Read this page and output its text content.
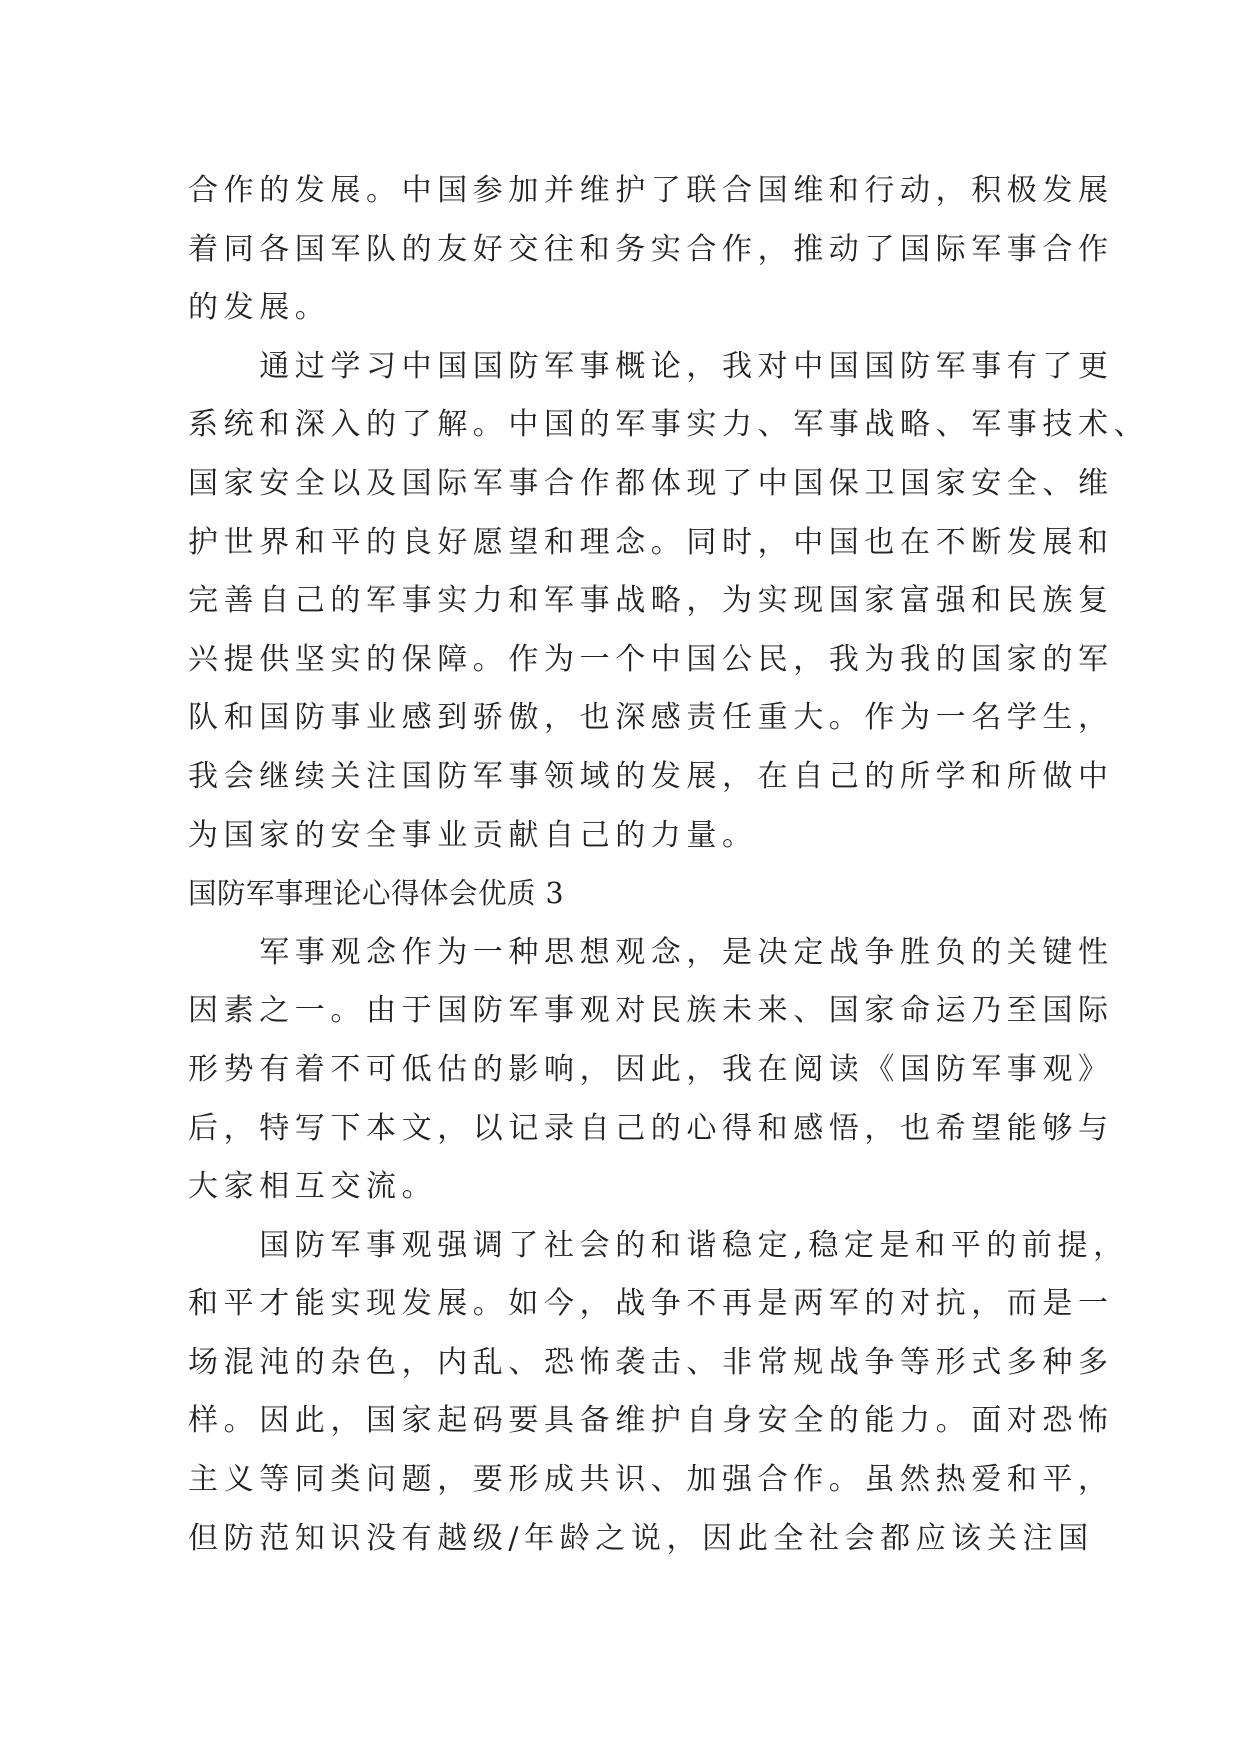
合作的发展。中国参加并维护了联合国维和行动，积极发展
着同各国军队的友好交往和务实合作，推动了国际军事合作
的发展。
　　通过学习中国国防军事概论，我对中国国防军事有了更
系统和深入的了解。中国的军事实力、军事战略、军事技术、
国家安全以及国际军事合作都体现了中国保卫国家安全、维
护世界和平的良好愿望和理念。同时，中国也在不断发展和
完善自己的军事实力和军事战略，为实现国家富强和民族复
兴提供坚实的保障。作为一个中国公民，我为我的国家的军
队和国防事业感到骄傲，也深感责任重大。作为一名学生，
我会继续关注国防军事领域的发展，在自己的所学和所做中
为国家的安全事业贡献自己的力量。
国防军事理论心得体会优质 3
　　军事观念作为一种思想观念，是决定战争胜负的关键性
因素之一。由于国防军事观对民族未来、国家命运乃至国际
形势有着不可低估的影响，因此，我在阅读《国防军事观》
后，特写下本文，以记录自己的心得和感悟，也希望能够与
大家相互交流。
　　国防军事观强调了社会的和谐稳定,稳定是和平的前提，
和平才能实现发展。如今，战争不再是两军的对抗，而是一
场混沌的杂色，内乱、恐怖袭击、非常规战争等形式多种多
样。因此，国家起码要具备维护自身安全的能力。面对恐怖
主义等同类问题，要形成共识、加强合作。虽然热爱和平，
但防范知识没有越级/年龄之说，因此全社会都应该关注国
